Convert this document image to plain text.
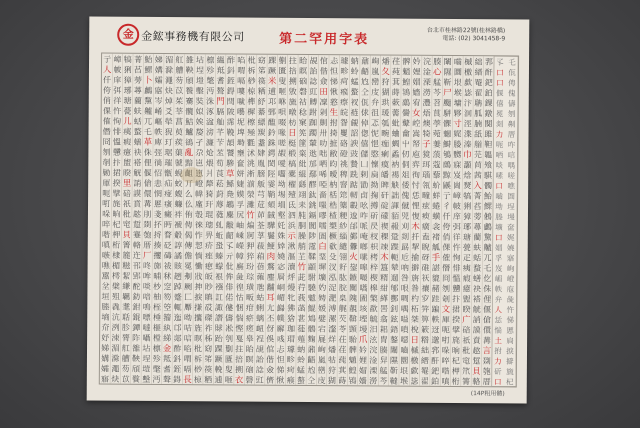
金 金鋐事務機有限公司	第二罕用字表
台北市桂林路22號(桂林路橋)
電話: (02) 3041458-9
亍
人
仟
侉
俏
倮
傕
僭
冏
刎
剞
勦
厙
呃
咑
哚
啐
喈
嗔
嗾
噍
嚚
坌
垣
塍
墒
夼
妤
娣
媾
孀
寤
嶂
帔
庠
弭
徉
忤
恂
悱
慍
戇
抃
捃
揆
擘
旄
晌
杞
柙
桁
棣
楣
樗
檗
殂
毳
沆
洌
涑
湄
滁
澠
炔
犒
猁
獐
琊
瑭
甍
儿
痍
瘕
癔
盥
睽
里
碚
祇
秕
窀
貝
箐
簏
糍
絜
縑
羈
耄
聒
胗
膂
舡
艚
芴
苡
菁
萏
蒡
蕁
藺
蚨
蛞
蝥
蟮
袂
褡
觥
誚
謨
賁
趑
踅
蹇
輅
迕
邗
郢
酡
鈁
鉗
錕
鐔
阼
雒
鞅
頎
餮
鮐
鰥
卜
鸕
黧
齇
兀
乇
革
侏
俚
偃
傖
儇
冓
刖
剟
匏
厝
厂
咚
哞
啖
喑
嗚
嘌
噠
囁
坫
埕
塏
墼
娣
媾
孀
寤
岑
崤
嶇
帙
庳
弳
徜
怊
恚
惘
慝
戔
抔
捋
揍
攫
旆
晡
杪
柚
桎
棰
榧
樘
檩
殄
氅
沔
湄
滁
澠
炔
焯
爻
犖
猊
玎
琚
璀
甑
疝
痖
瘙
癜
眄
瞀
砭
碡
祓
秫
窆
笏
箜
籀
紈
綈
金
羝
耆
聱
舡
艚
芴
苡
茱
莘
菖
萸
蒺
蕖
虢
蚬
蛟
蝮
蠊
袢
褫
觳
諄
譎
賅
趔
踔
蹙
輒
迤
邙
郯
酢
鈄
銍
鍀
雒
鞅
頎
餮
騫
髖
鮚
鱸
鵒
亂
黯
齟
丌
么
仫
侑
俜
偈
傳
儋
冕
刜
劂
匚
厴
呦
咭
唁
啗
喟
嗝
長
坫
埕
塏
墼
奘
姒
娭
嫠
孑
尕
岜
崽
嶝
幃
廑
彀
徠
怍
恝
惝
慟
戕
抻
捩
搛
攮
旌
暝
枇
柝
桫
椋
檩
殄
氅
沔
洙
涿
湓
滂
濂
炝
煨
爿
犛
猗
玕
琨
璁
畀
疥
痤
瘛
皈
眇
瞋
砹
磔
祚
秭
窈
笫
篌
粞
縕
羝
耆
聱
門
膈
舢
芊
苄
苤
荀
莨
菘
葑
蓐
蕤
虬
蚯
蛩
螓
蠓
裉
襁
訌
諏
譖
賕
跆
踝
蹶
輓
逋
酢
鈄
銍
鍀
閆
陂
霈
鞔
頡
饕
驂
草
鯀
鳧
鶘
麇
黻
齠
孓
亓
仳
侔
俳
偌
僂
儔
凇
刳
劐
匱
叟
咂
啗
喟
嗝
嘍
噦
囈
坭
埤
塒
壅
奩
姘
婕
嫫
孚
尻
岫
嵊
嶸
幛
廡
彘
徨
怙
悃
惴
慳
戛
拄
掊
搠
衣
枇
柝
桫
椋
榫
樨
檫
殛
氍
沭
洮
淅
湔
滎
濉
竹
煸
牁
狎
猝
玢
琮
璜
畈
疳
瘀
瘥
皋
眙
瞑
硇
磬
窈
笫
篌
粞
紓
綦
縹
羰
耋
肄
胤
膪
舨
芎
苊
茆
荃
莩
菝
葙
蓓
蕹
虺
蛄
蜊
螭
衄
裎
覘
詒
諗
豇
踝
蹶
米
逋
邛
鄄
醢
鈐
銖
鍔
閎
陘
霎
鞘
頦
馘
驊
鬟
鯁
肉
鶩
麈
黼
耳
尢
丕
伢
俁
倌
偕
僉
儕
劐
匱
叟
咂
咻
唄
啜
喙
嗟
嘏
噯
囓
坳
埸
塤
壑
奼
姝
婞
嬈
宓
屙
峒
嵋
巋
幞
廨
彧
忐
怛
悌
愀
拄
掊
搠
敫
旒
暾
枋
日
梃
椴
槁
橐
櫂
殪
氐
泗
浜
示
湫
漚
瀆
烀
熳
牝
狒
猞
珈
瑁
璩
畛
疴
瘊
眙
瞑
硇
磬
祜
稔
窠
筅
篚
粢
紕
緄
繇
翊
耒
肫
胴
臊
艄
芏
竹
茈
荇
莪
菡
葚
蓰
薤
蚋
蛉
蜢
螯
覘
詒
諗
豇
賻
跗
踟
躅
輦
逖
邡
鄢
醪
鈦
銚
鎘
閬
陟
霪
鞣
顓
駙
驍
魃
鯤
鴆
鶻
麴
鼐
齬
尥
仝
倌
偕
僉
田
凜
剁
劓
卅
叻
咄
哂
唏
啞
嗇
嗤
嘐
嚅
圄
白
堊
墀
壙
妁
娉
媛
嬖
宕
屣
峋
嵐
巒
庋
忐
怛
悌
愀
憝
生
拊
掎
摭
敝
昀
曖
枘
栝
梏
楂
槊
橛
欷
殳
汊
泓
浞
淝
溥
漯
瀣
烊
燔
牯
狩
猢
璩
畛
疴
瘊
瘵
皖
眢
矍
硌
磴
祧
稗
窨
筇
篥
粳
紗
緇
繾
翎
耔
肱
脘
臬
艉
芡
苓
茌
荏
莼
萁
蒔
蚋
蛉
蜢
螯
衩
裢
覦
詔
諛
豉
贄
跣
踮
軔
轂
逡
邰
鄞
釁
火
鋆
鏃
闃
隗
靚
鞥
顗
駘
髀
魈
鰉
鴇
鼐
齬
尥
仝
佤
俅
倬
偬
僖
儲
凵
剌
勖
卣
吆
咋
哌
唵
啷
嗉
嗥
嘬
嚆
圊
垓
堙
墁
爪
妗
娌
媢
嬙
峋
嵐
巒
庋
弁
徂
忑
怩
悒
愍
懍
扃
拗
掬
撙
斫
昃
杈
枳
栲
梓
楔
槔
檠
歃
毓
汨
泫
浣
淦
溧
澇
燔
夂
狩
猢
珙
瑗
瓠
畹
痂
瘌
瘼
皤
睥
矸
碇
礞
禊
稞
竦
木
簋
糈
紺
緙
罟
翕
耜
胄
腠
舁
艋
芩
荏
莼
萁
蒔
蔌
薷
蚍
蛐
蜩
蟊
衲
裼
觖
詘
諢
貊
赧
跫
蹀
軛
辇
遛
郇
酆
釗
鉉
鋙
鏊
闈
隰
靳
韃
髀
魈
鰉
鴇
鷂
黌
鼙
龠
屮
仞
侗
俎
倭
傀
僦
兕
刈
剡
勗
卮
吶
咎
哏
啁
喁
嗌
嗩
噁
嚙
圜
垠
堠
妗
娌
媢
嬙
宥
女
崆
嵩
帑
庖
弈
徇
忖
恁
悝
愎
木
扦
挈
揄
擗
旃
昝
杓
柘
桀
梲
日
槭
檄
歔
毖
浣
淦
溧
澇
灃
焐
燠
犄
子
獍
珥
瑙
瓴
疃
痃
瘐
癀
盍
睨
砑
碓
祆
禳
穸
笄
箅
簌
糌
絀
縉
罨
翟
腠
心
艋
芩
苕
茛
荸
菀
萋
蒗
蔻
藜
蚧
蛘
蜷
蟥
衾
褚
觚
手
諶
貔
赭
跬
蹁
軼
迓
邈
郛
酐
鈀
鉑
闈
隰
靳
尸
颺
駢
髁
魍
鰣
鴝
鷓
黥
鼷
亍
彳
仟
侉
俏
倮
傕
僭
冏
刎
剞
文
厙
呃
咑
哚
啐
喈
嗔
嚙
圜
垠
堠
墉
夥
寸
娓
媵
嬲
寐
岌
崗
嶂
帔
庠
弭
徉
忤
恂
悱
慍
戇
抃
捃
揆
擘
旄
晌
杞
柙
桁
槭
檄
歔
毖
汴
洄
涇
渫
溱
巾
灝
焓
燹
犒
猁
獐
琊
瑭
甍
疋
痍
瘕
癔
盥
睽
广
碚
祇
秕
窀
笊
箐
絀
縉
罨
翟
聃
胍
腩
舐
艏
芫
苘
茜
入
菁
萏
蒡
蕁
藺
蚨
蛞
蝥
蟮
袂
褡
觥
誚
謨
賁
趑
踅
貝
輅
郛
酐
鈀
鉑
錁
鐓
闋
雎
靼
韞
飧
騏
髑
鮐
鰥
鵂
鸕
黧
齇
兀
乇
仡
侏
俚
偃
傖
儇
冓
言
剟
匏
厝
孓 乇
口 佤
口 俜
偃 傀
僖 儔
冕 刎
剡 劓
力 厝
呃 咋
哂 唁
啖 喁
嗉 嗟
口 噍
嚙 圄
坳 埕
塍 墁
壙 奩
口 娓
媢 嬈
孚 寤
岌 峋
嵋 嶝
帙 庖
弁 彘
人 忤
恁 悌
惴 慝
土 扃
拊 捩
力 擗
斫 旒
口 杞
(14P粗用體)
